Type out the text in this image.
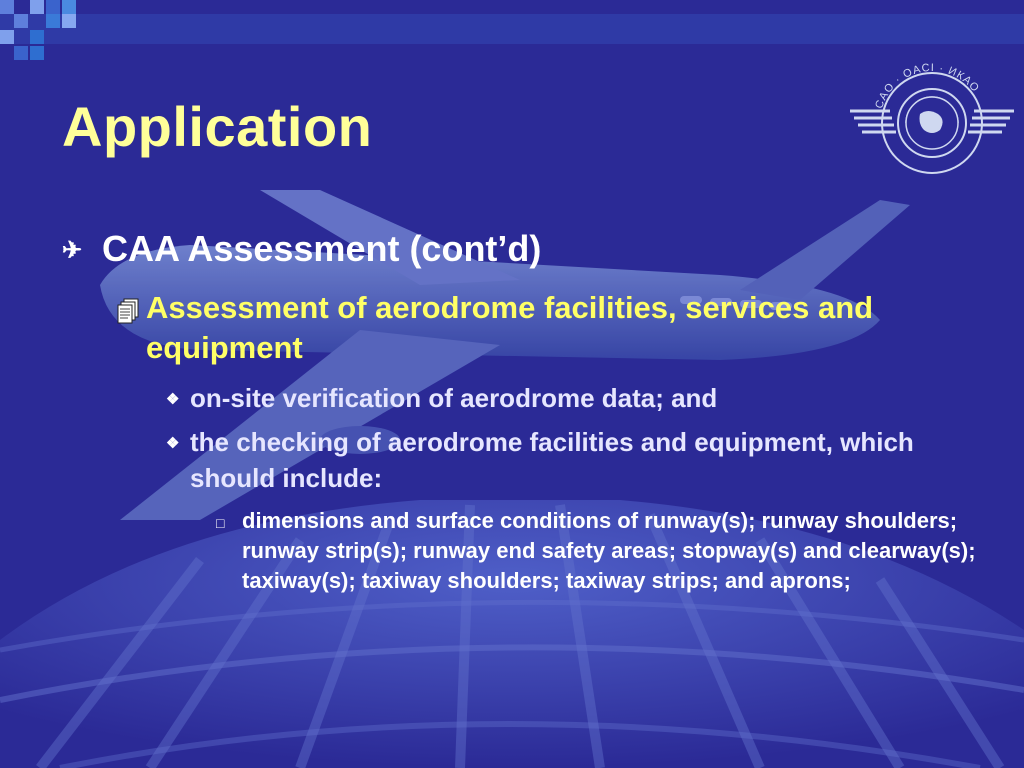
ICAO · OACI · ИКАО
Application
✈ CAA Assessment (cont’d)
Assessment of aerodrome facilities, services and equipment
❖ on-site verification of aerodrome data; and
❖ the checking of aerodrome facilities and equipment, which should include:
□ dimensions and surface conditions of runway(s); runway shoulders; runway strip(s); runway end safety areas; stopway(s) and clearway(s); taxiway(s); taxiway shoulders; taxiway strips; and aprons;
